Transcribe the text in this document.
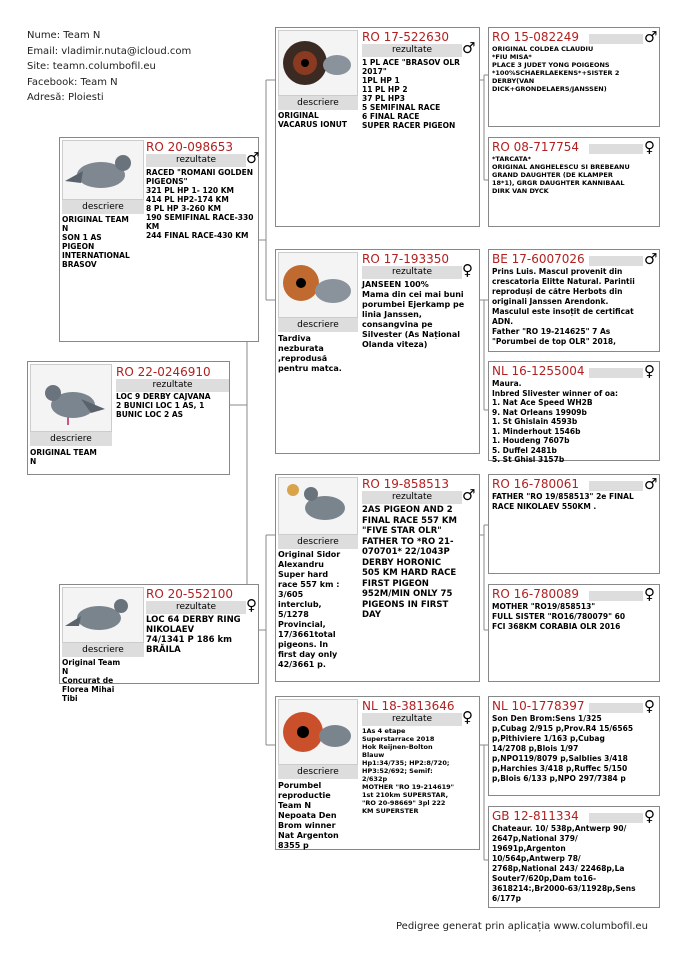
Nume: Team N
Email: vladimir.nuta@icloud.com
Site: teamn.columbofil.eu
Facebook: Team N
Adresă: Ploiesti
descriere
ORIGINAL TEAM
N
RO 22-0246910
rezultate
LOC 9 DERBY CAJVANA
2 BUNICI LOC 1 AS, 1
BUNIC LOC 2 AS
descriere
ORIGINAL TEAM
N
SON 1 AS
PIGEON
INTERNATIONAL
BRASOV
RO 20-098653
rezultate	♂
RACED "ROMANI GOLDEN
PIGEONS"
321 PL HP 1- 120 KM
414 PL HP2-174 KM
8 PL HP 3-260 KM
190 SEMIFINAL RACE-330
KM
244 FINAL RACE-430 KM
descriere
Original Team
N
Concurat de
Florea Mihai
Tibi
RO 20-552100
rezultate	♀
LOC 64 DERBY RING
NIKOLAEV
74/1341 P 186 km
BRĂILA
descriere
ORIGINAL
VACARUS IONUT
RO 17-522630
rezultate	♂
1 PL ACE "BRASOV OLR
2017"
1PL HP 1
11 PL HP 2
37 PL HP3
5 SEMIFINAL RACE
6 FINAL RACE
SUPER RACER PIGEON
descriere
Tardiva
nezburata
,reprodusă
pentru matca.
RO 17-193350
rezultate	♀
JANSEEN 100%
Mama din cei mai buni
porumbei Ejerkamp pe
linia Janssen,
consangvina pe
Silvester (As Național
Olanda viteza)
descriere
Original Sidor
Alexandru
Super hard
race 557 km :
3/605
interclub,
5/1278
Provincial,
17/3661total
pigeons. In
first day only
42/3661 p.
RO 19-858513
rezultate	♂
2AS PIGEON AND 2
FINAL RACE 557 KM
"FIVE STAR OLR"
FATHER TO *RO 21-
070701* 22/1043P
DERBY HORONIC
505 KM HARD RACE
FIRST PIGEON
952M/MIN ONLY 75
PIGEONS IN FIRST
DAY
descriere
Porumbel
reproductie
Team N
Nepoata Den
Brom winner
Nat Argenton
8355 p
NL 18-3813646
rezultate	♀
1As 4 etape
Superstarrace 2018
Hok Reijnen-Bolton
Blauw
Hp1:34/735; HP2:8/720;
HP3:52/692; Semif:
2/632p
MOTHER "RO 19-214619"
1st 210km SUPERSTAR,
"RO 20-98669" 3pl 222
KM SUPERSTER
RO 15-082249	♂
ORIGINAL COLDEA CLAUDIU
*FIU MISA*
PLACE 3 JUDET YONG POIGEONS
*100%SCHAERLAEKENS*+SISTER 2
DERBY(VAN
DICK+GRONDELAERS/JANSSEN)
RO 08-717754	♀
*TARCATA*
ORIGINAL ANGHELESCU SI BREBEANU
GRAND DAUGHTER (DE KLAMPER
18*1), GRGR DAUGHTER KANNIBAAL
DIRK VAN DYCK
BE 17-6007026	♂
Prins Luis. Mascul provenit din
crescatoria Elitte Natural. Parintii
reproduși de către Herbots din
originali Janssen Arendonk.
Masculul este insoțit de certificat
ADN.
Father "RO 19-214625" 7 As
"Porumbei de top OLR" 2018,
NL 16-1255004	♀
Maura.
Inbred Slivester winner of oa:
1. Nat Ace Speed WH2B
9. Nat Orleans 19909b
1. St Ghislain 4593b
1. Minderhout 1546b
1. Houdeng 7607b
5. Duffel 2481b
5. St Ghisl 3157b
RO 16-780061	♂
FATHER "RO 19/858513" 2e FINAL
RACE NIKOLAEV 550KM .
RO 16-780089	♀
MOTHER "RO19/858513"
FULL SISTER "RO16/780079" 60
FCI 368KM CORABIA OLR 2016
NL 10-1778397	♀
Son Den Brom:Sens 1/325
p,Cubag 2/915 p,Prov.R4 15/6565
p,Pithiviere 1/163 p,Cubag
14/2708 p,Blois 1/97
p,NPO119/8079 p,Salblies 3/418
p,Harchies 3/418 p,Ruffec 5/150
p,Blois 6/133 p,NPO 297/7384 p
GB 12-811334	♀
Chateaur. 10/ 538p,Antwerp 90/
2647p,National 379/
19691p,Argenton
10/564p,Antwerp 78/
2768p,National 243/ 22468p,La
Souter7/620p,Dam to16-
3618214:,Br2000-63/11928p,Sens
6/177p
Pedigree generat prin aplicația www.columbofil.eu
